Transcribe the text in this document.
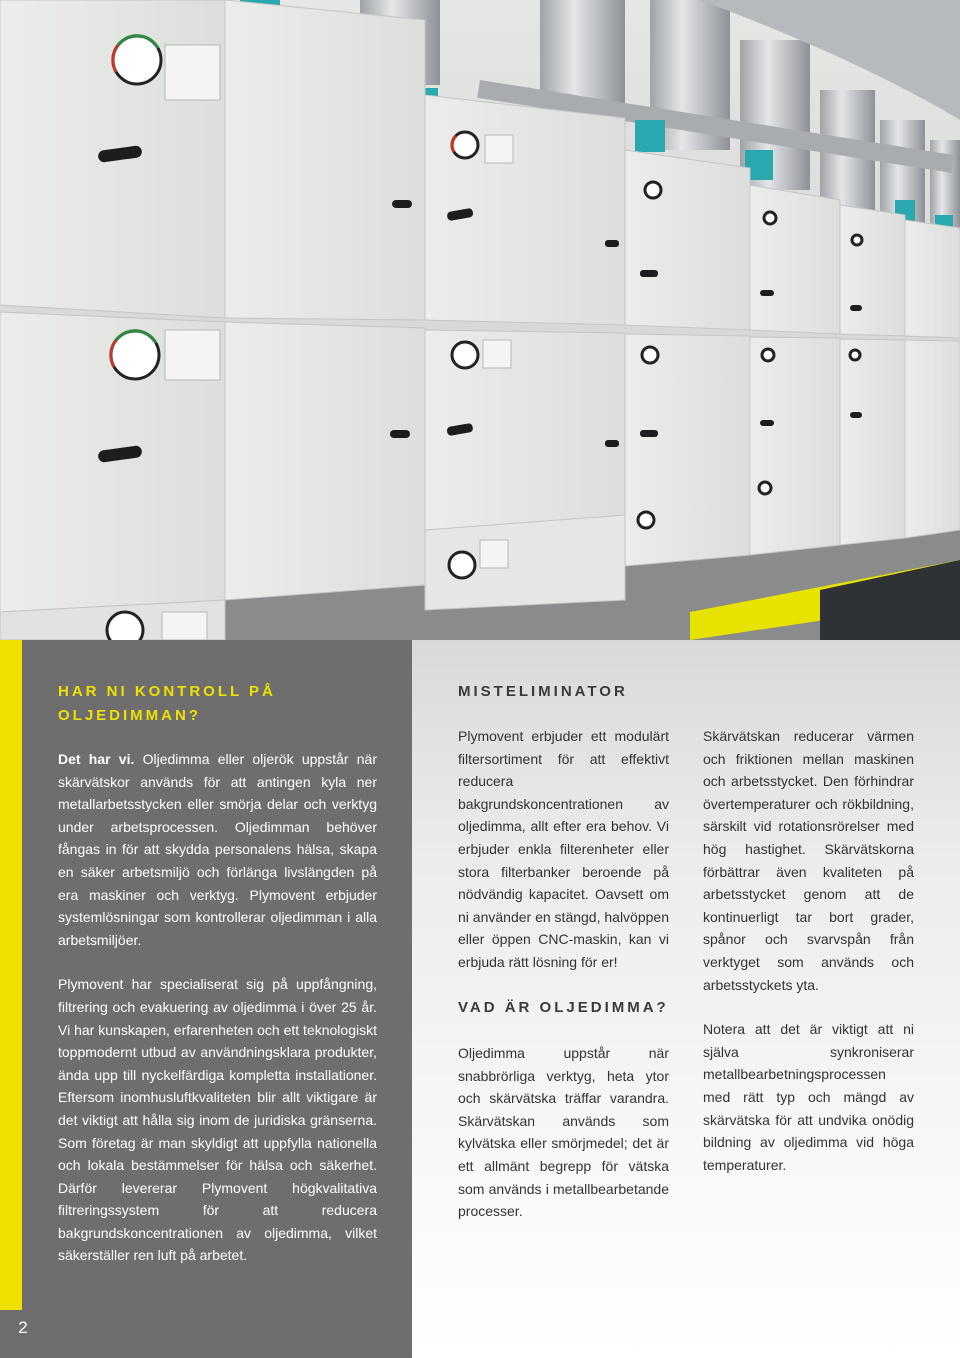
2
HAR NI KONTROLL PÅ
OLJEDIMMAN?

Det har vi. Oljedimma eller oljerök uppstår när skärvätskor används för att antingen kyla ner metallarbetsstycken eller smörja delar och verktyg under arbetsprocessen. Oljedimman behöver fångas in för att skydda personalens hälsa, skapa en säker arbetsmiljö och förlänga livslängden på era maskiner och verktyg. Plymovent erbjuder systemlösningar som kontrollerar oljedimman i alla arbetsmiljöer.

Plymovent har specialiserat sig på uppfångning, filtrering och evakuering av oljedimma i över 25 år. Vi har kunskapen, erfarenheten och ett teknologiskt toppmodernt utbud av användningsklara produkter, ända upp till nyckelfärdiga kompletta installationer. Eftersom inomhusluftkvaliteten blir allt viktigare är det viktigt att hålla sig inom de juridiska gränserna. Som företag är man skyldigt att uppfylla nationella och lokala bestämmelser för hälsa och säkerhet. Därför levererar Plymovent högkvalitativa filtreringssystem för att reducera bakgrundskoncentrationen av oljedimma, vilket säkerställer ren luft på arbetet.

MISTELIMINATOR

Plymovent erbjuder ett modulärt filtersortiment för att effektivt reducera bakgrundskoncentrationen av oljedimma, allt efter era behov. Vi erbjuder enkla filterenheter eller stora filterbanker beroende på nödvändig kapacitet. Oavsett om ni använder en stängd, halvöppen eller öppen CNC-maskin, kan vi erbjuda rätt lösning för er!

VAD ÄR OLJEDIMMA?

Oljedimma uppstår när snabbrörliga verktyg, heta ytor och skärvätska träffar varandra. Skärvätskan används som kylvätska eller smörjmedel; det är ett allmänt begrepp för vätska som används i metallbearbetande processer.

Skärvätskan reducerar värmen och friktionen mellan maskinen och arbetsstycket. Den förhindrar övertemperaturer och rökbildning, särskilt vid rotationsrörelser med hög hastighet. Skärvätskorna förbättrar även kvaliteten på arbetsstycket genom att de kontinuerligt tar bort grader, spånor och svarvspån från verktyget som används och arbetsstyckets yta.

Notera att det är viktigt att ni själva synkroniserar metallbearbetningsprocessen med rätt typ och mängd av skärvätska för att undvika onödig bildning av oljedimma vid höga temperaturer.
